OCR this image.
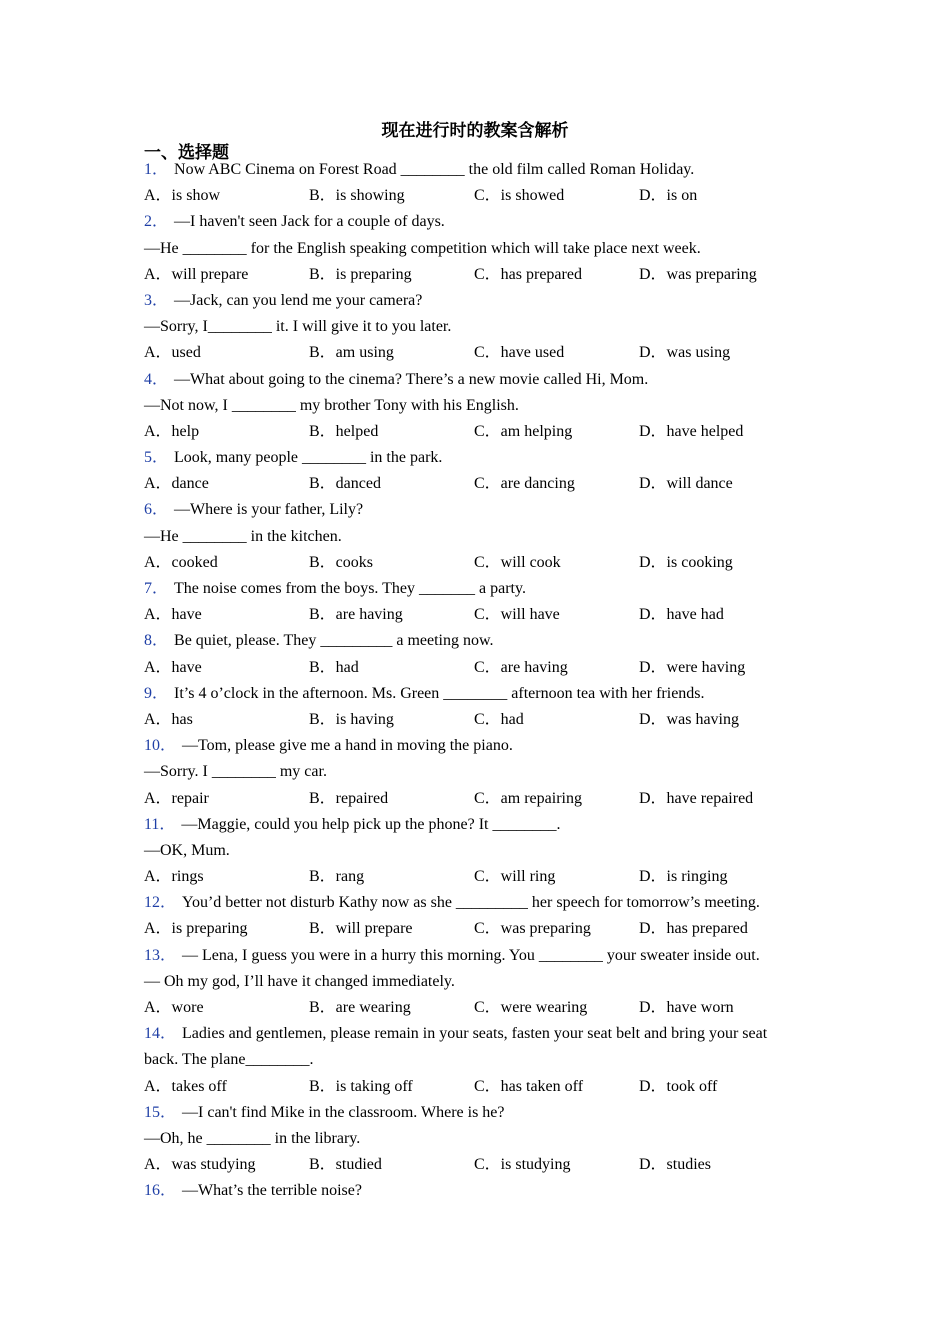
现在进行时的教案含解析
一、选择题
1． Now ABC Cinema on Forest Road ________ the old film called Roman Holiday.
A．is show	B．is showing	C．is showed	D．is on
2． —I haven't seen Jack for a couple of days.
—He ________ for the English speaking competition which will take place next week.
A．will prepare	B．is preparing	C．has prepared	D．was preparing
3． —Jack, can you lend me your camera?
—Sorry, I________ it. I will give it to you later.
A．used	B．am using	C．have used	D．was using
4． —What about going to the cinema? There’s a new movie called Hi, Mom.
—Not now, I ________ my brother Tony with his English.
A．help	B．helped	C．am helping	D．have helped
5． Look, many people ________ in the park.
A．dance	B．danced	C．are dancing	D．will dance
6． —Where is your father, Lily?
—He ________ in the kitchen.
A．cooked	B．cooks	C．will cook	D．is cooking
7． The noise comes from the boys. They _______ a party.
A．have	B．are having	C．will have	D．have had
8． Be quiet, please. They _________ a meeting now.
A．have	B．had	C．are having	D．were having
9． It’s 4 o’clock in the afternoon. Ms. Green ________ afternoon tea with her friends.
A．has	B．is having	C．had	D．was having
10． —Tom, please give me a hand in moving the piano.
—Sorry. I ________ my car.
A．repair	B．repaired	C．am repairing	D．have repaired
11． —Maggie, could you help pick up the phone? It ________.
—OK, Mum.
A．rings	B．rang	C．will ring	D．is ringing
12． You’d better not disturb Kathy now as she _________ her speech for tomorrow’s meeting.
A．is preparing	B．will prepare	C．was preparing	D．has prepared
13． — Lena, I guess you were in a hurry this morning. You ________ your sweater inside out.
— Oh my god, I’ll have it changed immediately.
A．wore	B．are wearing	C．were wearing	D．have worn
14． Ladies and gentlemen, please remain in your seats, fasten your seat belt and bring your seat
back. The plane________.
A．takes off	B．is taking off	C．has taken off	D．took off
15． —I can't find Mike in the classroom. Where is he?
—Oh, he ________ in the library.
A．was studying	B．studied	C．is studying	D．studies
16． —What’s the terrible noise?
